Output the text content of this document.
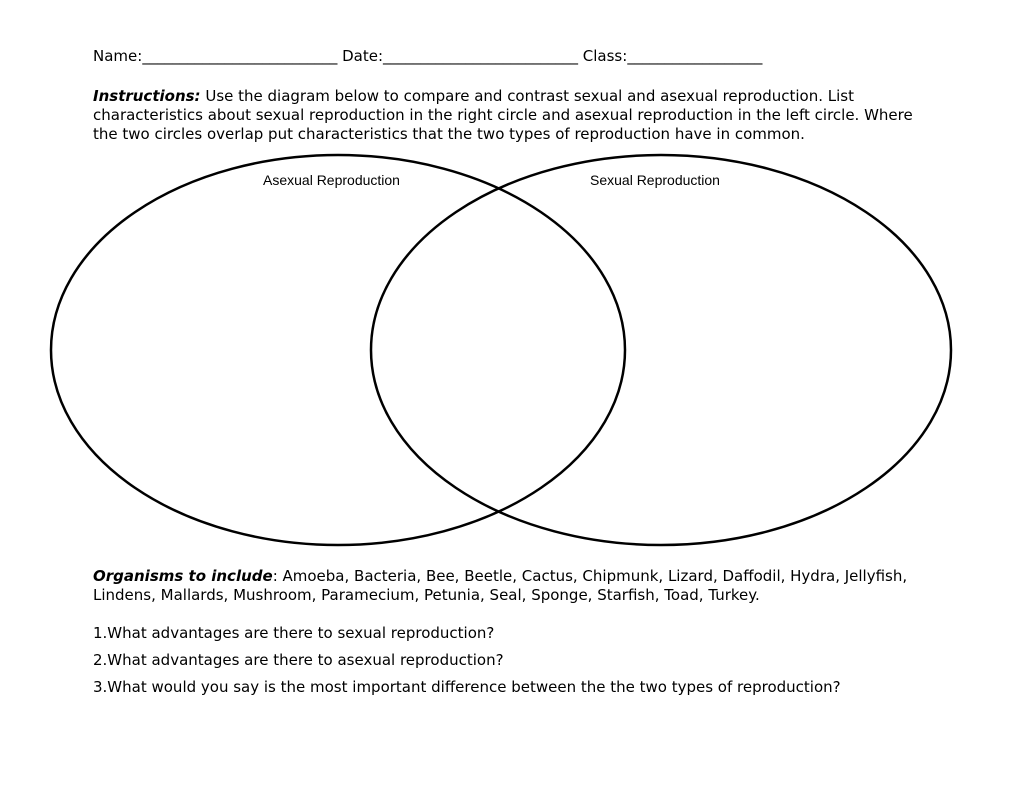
Name:__________________________ Date:__________________________ Class:__________________
Instructions: Use the diagram below to compare and contrast sexual and asexual reproduction. List characteristics about sexual reproduction in the right circle and asexual reproduction in the left circle. Where the two circles overlap put characteristics that the two types of reproduction have in common.
Asexual Reproduction	Sexual Reproduction
Organisms to include: Amoeba, Bacteria, Bee, Beetle, Cactus, Chipmunk, Lizard, Daffodil, Hydra, Jellyfish, Lindens, Mallards, Mushroom, Paramecium, Petunia, Seal, Sponge, Starfish, Toad, Turkey.
1.What advantages are there to sexual reproduction?
2.What advantages are there to asexual reproduction?
3.What would you say is the most important difference between the the two types of reproduction?
